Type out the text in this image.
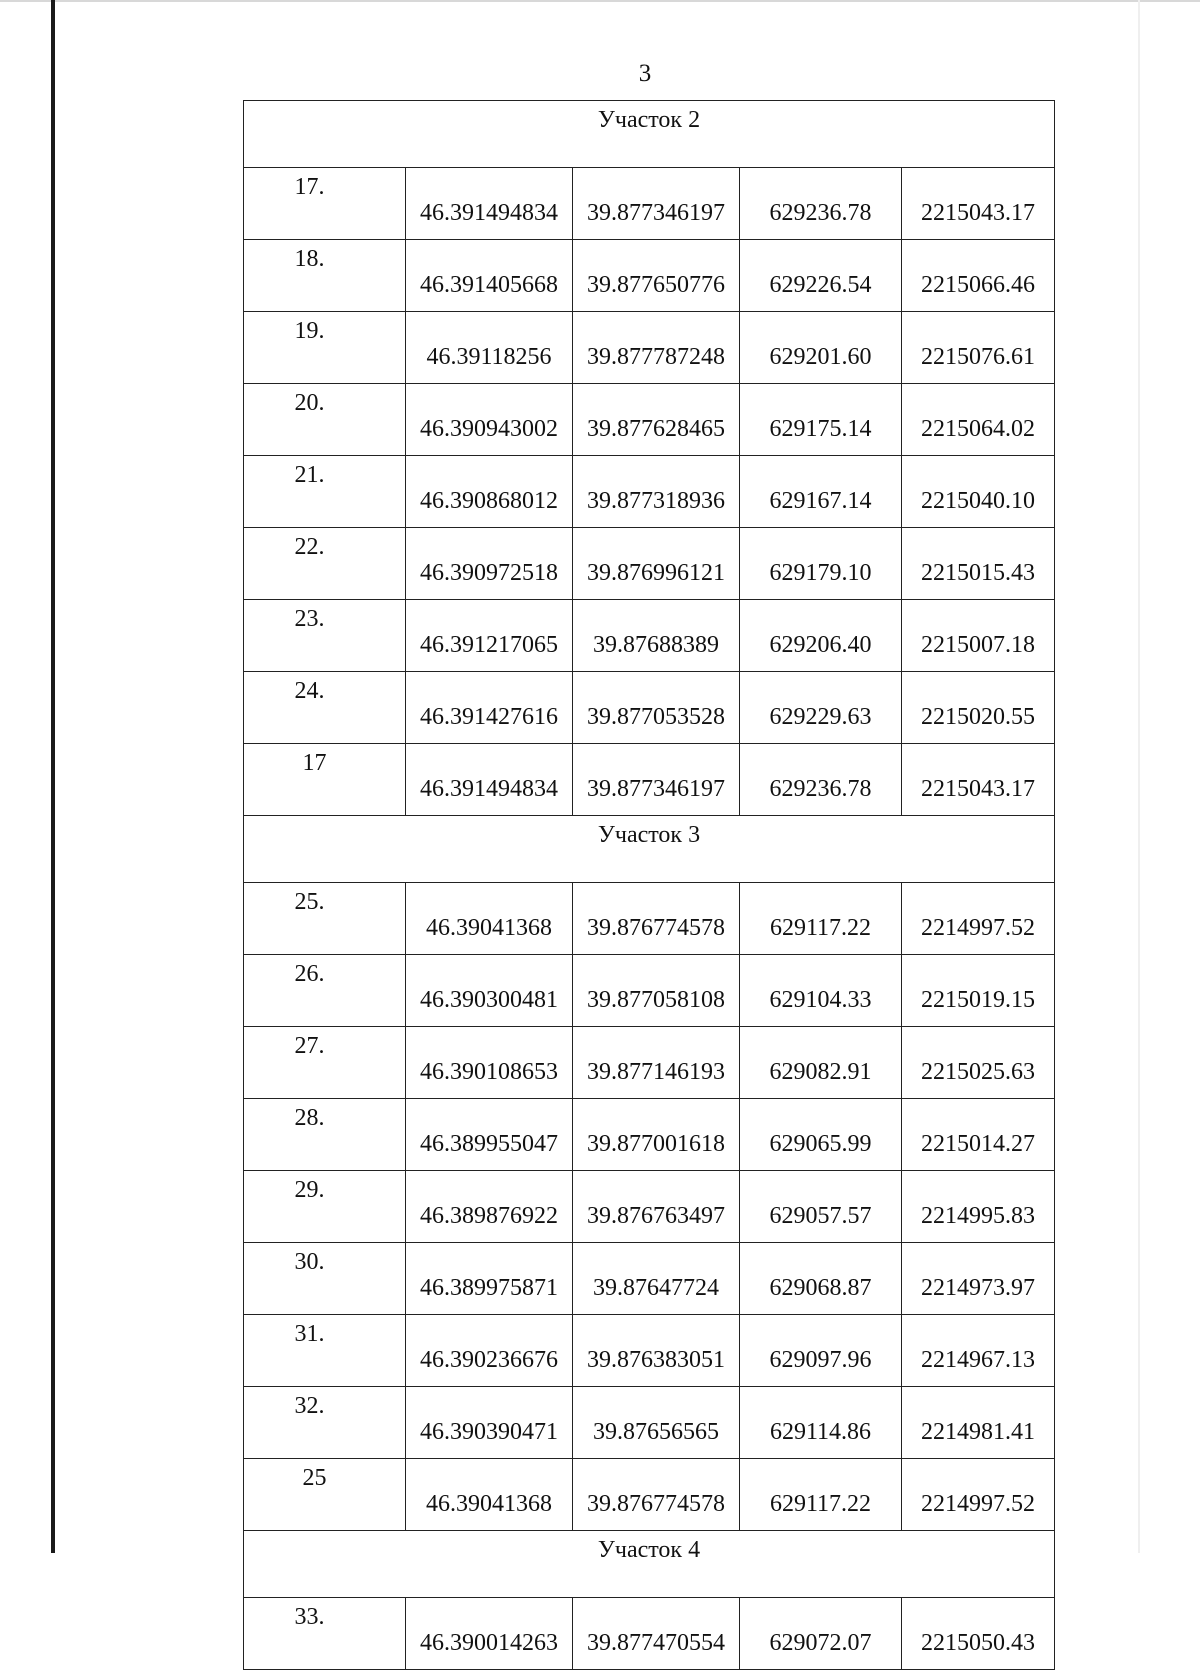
3
Участок 2				
17.	46.391494834	39.877346197	629236.78	2215043.17
18.	46.391405668	39.877650776	629226.54	2215066.46
19.	46.39118256	39.877787248	629201.60	2215076.61
20.	46.390943002	39.877628465	629175.14	2215064.02
21.	46.390868012	39.877318936	629167.14	2215040.10
22.	46.390972518	39.876996121	629179.10	2215015.43
23.	46.391217065	39.87688389	629206.40	2215007.18
24.	46.391427616	39.877053528	629229.63	2215020.55
17	46.391494834	39.877346197	629236.78	2215043.17
Участок 3				
25.	46.39041368	39.876774578	629117.22	2214997.52
26.	46.390300481	39.877058108	629104.33	2215019.15
27.	46.390108653	39.877146193	629082.91	2215025.63
28.	46.389955047	39.877001618	629065.99	2215014.27
29.	46.389876922	39.876763497	629057.57	2214995.83
30.	46.389975871	39.87647724	629068.87	2214973.97
31.	46.390236676	39.876383051	629097.96	2214967.13
32.	46.390390471	39.87656565	629114.86	2214981.41
25	46.39041368	39.876774578	629117.22	2214997.52
Участок 4				
33.	46.390014263	39.877470554	629072.07	2215050.43
